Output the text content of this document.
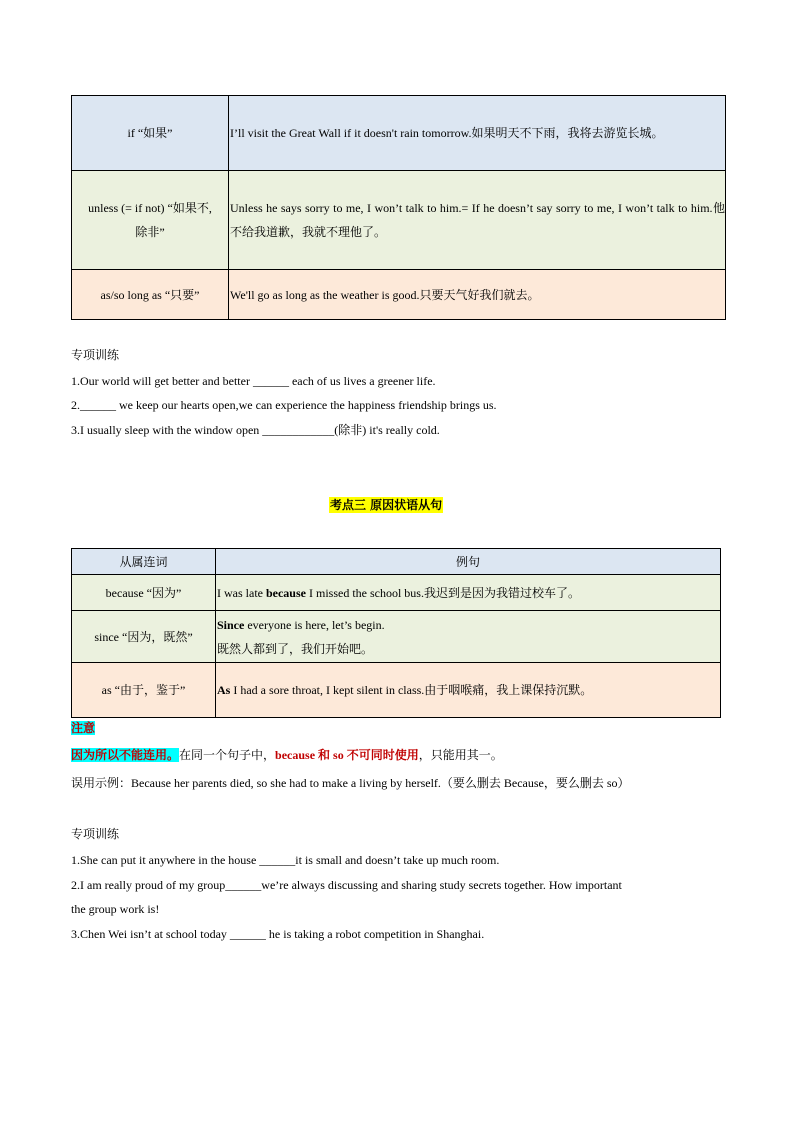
if “如果”	I’ll visit the Great Wall if it doesn't rain tomorrow.如果明天不下雨，我将去游览长城。

unless (= if not) “如果不,
除非”	Unless he says sorry to me, I won’t talk to him.= If he doesn’t say sorry to me, I won’t talk to him.他不给我道歉，我就不理他了。
as/so long as “只要”	We'll go as long as the weather is good.只要天气好我们就去。
专项训练
1.Our world will get better and better ______ each of us lives a greener life.
2.______ we keep our hearts open,we can experience the happiness friendship brings us.
3.I usually sleep with the window open ____________(除非) it's really cold.
考点三 原因状语从句
从属连词	例句
because “因为”	I was late because I missed the school bus.我迟到是因为我错过校车了。
since “因为，既然”	Since everyone is here, let’s begin.
既然人都到了，我们开始吧。

as “由于，鉴于”	As I had a sore throat, I kept silent in class.由于咽喉痛，我上课保持沉默。
注意
因为所以不能连用。在同一个句子中，because 和 so 不可同时使用，只能用其一。
误用示例：Because her parents died, so she had to make a living by herself.（要么删去 Because，要么删去 so）
专项训练
1.She can put it anywhere in the house ______it is small and doesn’t take up much room.
2.I am really proud of my group______we’re always discussing and sharing study secrets together. How important
the group work is!
3.Chen Wei isn’t at school today ______ he is taking a robot competition in Shanghai.
